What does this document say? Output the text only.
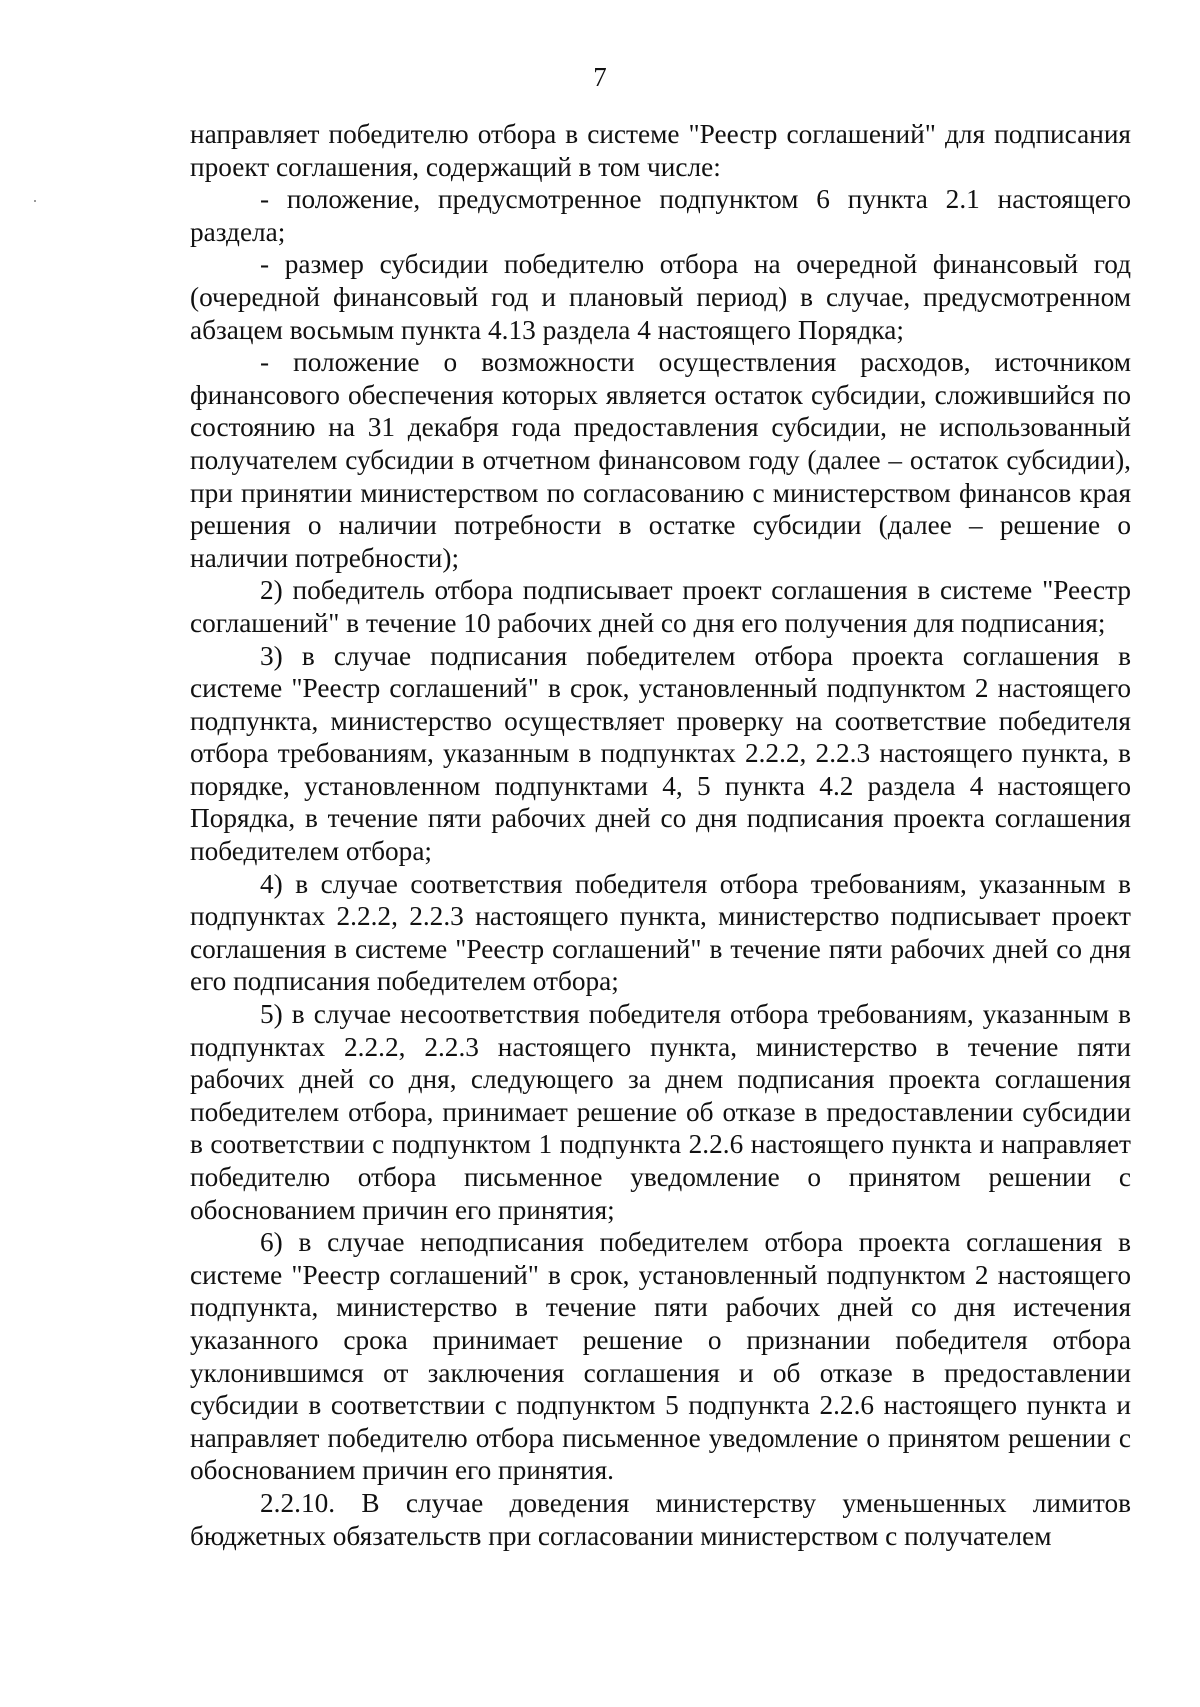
7

направляет победителю отбора в системе "Реестр соглашений" для подписания проект соглашения, содержащий в том числе:

- положение, предусмотренное подпунктом 6 пункта 2.1 настоящего раздела;

- размер субсидии победителю отбора на очередной финансовый год (очередной финансовый год и плановый период) в случае, предусмотренном абзацем восьмым пункта 4.13 раздела 4 настоящего Порядка;

- положение о возможности осуществления расходов, источником финансового обеспечения которых является остаток субсидии, сложившийся по состоянию на 31 декабря года предоставления субсидии, не использованный получателем субсидии в отчетном финансовом году (далее – остаток субсидии), при принятии министерством по согласованию с министерством финансов края решения о наличии потребности в остатке субсидии (далее – решение о наличии потребности);

2) победитель отбора подписывает проект соглашения в системе "Реестр соглашений" в течение 10 рабочих дней со дня его получения для подписания;

3) в случае подписания победителем отбора проекта соглашения в системе "Реестр соглашений" в срок, установленный подпунктом 2 настоящего подпункта, министерство осуществляет проверку на соответствие победителя отбора требованиям, указанным в подпунктах 2.2.2, 2.2.3 настоящего пункта, в порядке, установленном подпунктами 4, 5 пункта 4.2 раздела 4 настоящего Порядка, в течение пяти рабочих дней со дня подписания проекта соглашения победителем отбора;

4) в случае соответствия победителя отбора требованиям, указанным в подпунктах 2.2.2, 2.2.3 настоящего пункта, министерство подписывает проект соглашения в системе "Реестр соглашений" в течение пяти рабочих дней со дня его подписания победителем отбора;

5) в случае несоответствия победителя отбора требованиям, указанным в подпунктах 2.2.2, 2.2.3 настоящего пункта, министерство в течение пяти рабочих дней со дня, следующего за днем подписания проекта соглашения победителем отбора, принимает решение об отказе в предоставлении субсидии в соответствии с подпунктом 1 подпункта 2.2.6 настоящего пункта и направляет победителю отбора письменное уведомление о принятом решении с обоснованием причин его принятия;

6) в случае неподписания победителем отбора проекта соглашения в системе "Реестр соглашений" в срок, установленный подпунктом 2 настоящего подпункта, министерство в течение пяти рабочих дней со дня истечения указанного срока принимает решение о признании победителя отбора уклонившимся от заключения соглашения и об отказе в предоставлении субсидии в соответствии с подпунктом 5 подпункта 2.2.6 настоящего пункта и направляет победителю отбора письменное уведомление о принятом решении с обоснованием причин его принятия.

2.2.10. В случае доведения министерству уменьшенных лимитов бюджетных обязательств при согласовании министерством с получателем
